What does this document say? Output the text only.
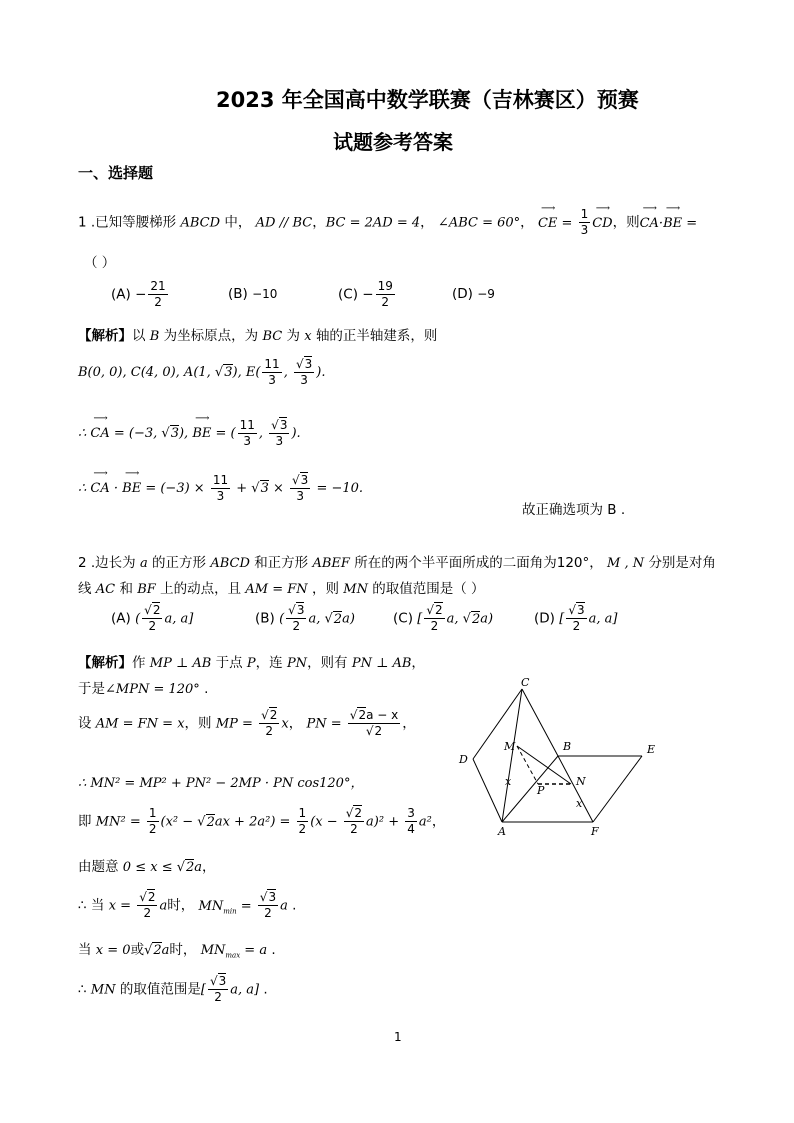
2023 年全国高中数学联赛（吉林赛区）预赛
试题参考答案
一、选择题
1 .已知等腰梯形 ABCD 中， AD // BC，BC = 2AD = 4， ∠ABC = 60°， ⟶ CE = $\frac{1}{3}$
⟶ CD，则⟶ CA·⟶ BE =
（ ）
$(A) - \frac{21}{2}$	(B) −10	$(C) - \frac{19}{2}$	(D) −9
【解析】以 B 为坐标原点，为 BC 为 x 轴的正半轴建系，则
B(0, 0), C(4, 0), A(1, √3), $E( \frac{11}{3}$ , $\frac{√3}{3}$ ).
∴ ⟶ CA = (−3, √3), ⟶ BE = ( $\frac{11}{3}$ , $\frac{√3}{3}$ ).
∴ ⟶ CA · ⟶ BE = $(-3) \times \frac{11}{3} + √3 \times \frac{√3}{3} = -10$.
故正确选项为 B .
2 .边长为 a 的正方形 ABCD 和正方形 ABEF 所在的两个半平面所成的二面角为120°， M , N 分别是对角
线 AC 和 BF 上的动点，且 AM = FN ，则 MN 的取值范围是（ ）
(A) ( $\frac{√2}{2} a$, a]	(B) ( $\frac{√3}{2} a$, √2a)	(C) [ $\frac{√2}{2} a$, √2a)	(D) [ $\frac{√3}{2} a$, a]
【解析】作 MP ⊥ AB 于点 P，连 PN，则有 PN ⊥ AB，
于是∠MPN = 120° .
设 AM = FN = x，则 MP = $\frac{√2}{2}$ x， PN = $\frac{√2a - x}{√2}$ ，
∴ MN² = MP² + PN² − 2MP · PN cos120°，
即 $MN^2 = \frac{1}{2} (x^2 - √2ax + 2a^2) = \frac{1}{2} (x - \frac{√2}{2} a)^2 + \frac{3}{4} a^2$，
由题意 0 ≤ x ≤ √2a，
∴ 当 $x = \frac{√2}{2}$ a时， $MN_{min} = \frac{√3}{2}$ a .
当 x = 0或√2a时， $MN_{max} = a$ .
∴ MN 的取值范围是[ $\frac{√3}{2} a$, a] .
C
D
M	B	E
N
P
A	F
x
x
1
